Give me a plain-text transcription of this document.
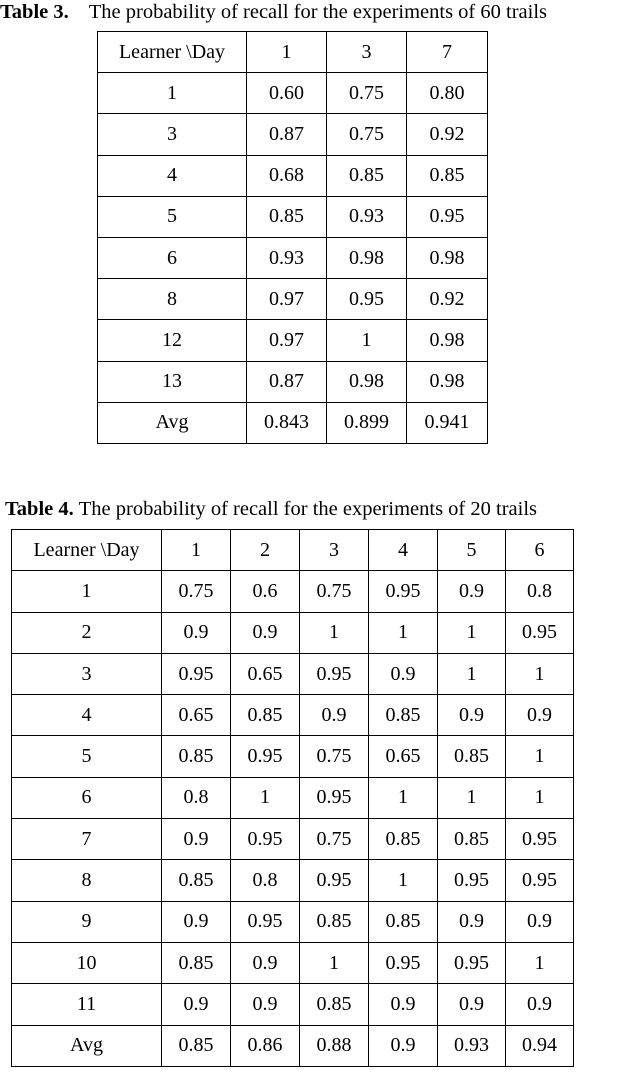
Table 3. The probability of recall for the experiments of 60 trails
Learner \Day	1	3	7
1	0.60	0.75	0.80
3	0.87	0.75	0.92
4	0.68	0.85	0.85
5	0.85	0.93	0.95
6	0.93	0.98	0.98
8	0.97	0.95	0.92
12	0.97	1	0.98
13	0.87	0.98	0.98
Avg	0.843	0.899	0.941
Table 4. The probability of recall for the experiments of 20 trails
Learner \Day	1	2	3	4	5	6
1	0.75	0.6	0.75	0.95	0.9	0.8
2	0.9	0.9	1	1	1	0.95
3	0.95	0.65	0.95	0.9	1	1
4	0.65	0.85	0.9	0.85	0.9	0.9
5	0.85	0.95	0.75	0.65	0.85	1
6	0.8	1	0.95	1	1	1
7	0.9	0.95	0.75	0.85	0.85	0.95
8	0.85	0.8	0.95	1	0.95	0.95
9	0.9	0.95	0.85	0.85	0.9	0.9
10	0.85	0.9	1	0.95	0.95	1
11	0.9	0.9	0.85	0.9	0.9	0.9
Avg	0.85	0.86	0.88	0.9	0.93	0.94
